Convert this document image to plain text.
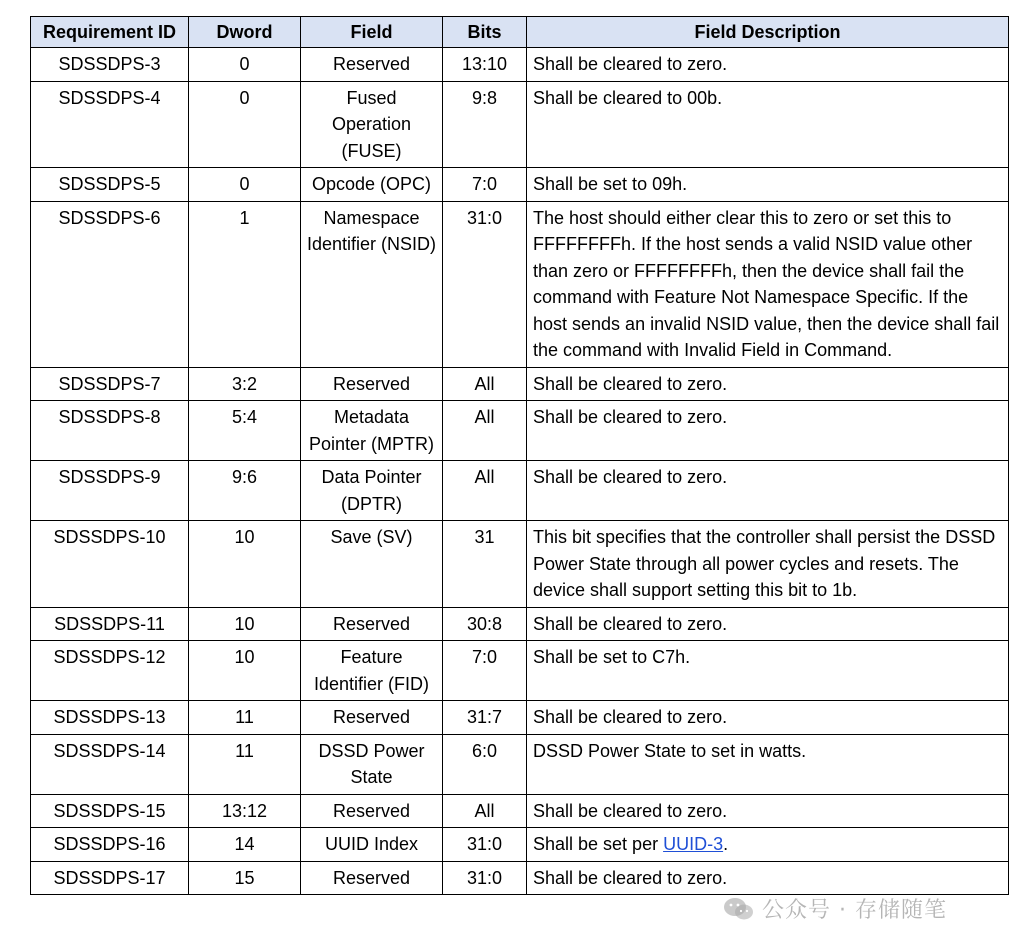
Requirement ID	Dword	Field	Bits	Field Description
SDSSDPS-3	0	Reserved	13:10	Shall be cleared to zero.
SDSSDPS-4	0	Fused Operation (FUSE)	9:8	Shall be cleared to 00b.
SDSSDPS-5	0	Opcode (OPC)	7:0	Shall be set to 09h.
SDSSDPS-6	1	Namespace Identifier (NSID)	31:0	The host should either clear this to zero or set this to FFFFFFFFh. If the host sends a valid NSID value other than zero or FFFFFFFFh, then the device shall fail the command with Feature Not Namespace Specific. If the host sends an invalid NSID value, then the device shall fail the command with Invalid Field in Command.
SDSSDPS-7	3:2	Reserved	All	Shall be cleared to zero.
SDSSDPS-8	5:4	Metadata Pointer (MPTR)	All	Shall be cleared to zero.
SDSSDPS-9	9:6	Data Pointer (DPTR)	All	Shall be cleared to zero.
SDSSDPS-10	10	Save (SV)	31	This bit specifies that the controller shall persist the DSSD Power State through all power cycles and resets. The device shall support setting this bit to 1b.
SDSSDPS-11	10	Reserved	30:8	Shall be cleared to zero.
SDSSDPS-12	10	Feature Identifier (FID)	7:0	Shall be set to C7h.
SDSSDPS-13	11	Reserved	31:7	Shall be cleared to zero.
SDSSDPS-14	11	DSSD Power State	6:0	DSSD Power State to set in watts.
SDSSDPS-15	13:12	Reserved	All	Shall be cleared to zero.
SDSSDPS-16	14	UUID Index	31:0	Shall be set per UUID-3.
SDSSDPS-17	15	Reserved	31:0	Shall be cleared to zero.
公众号 · 存储随笔
